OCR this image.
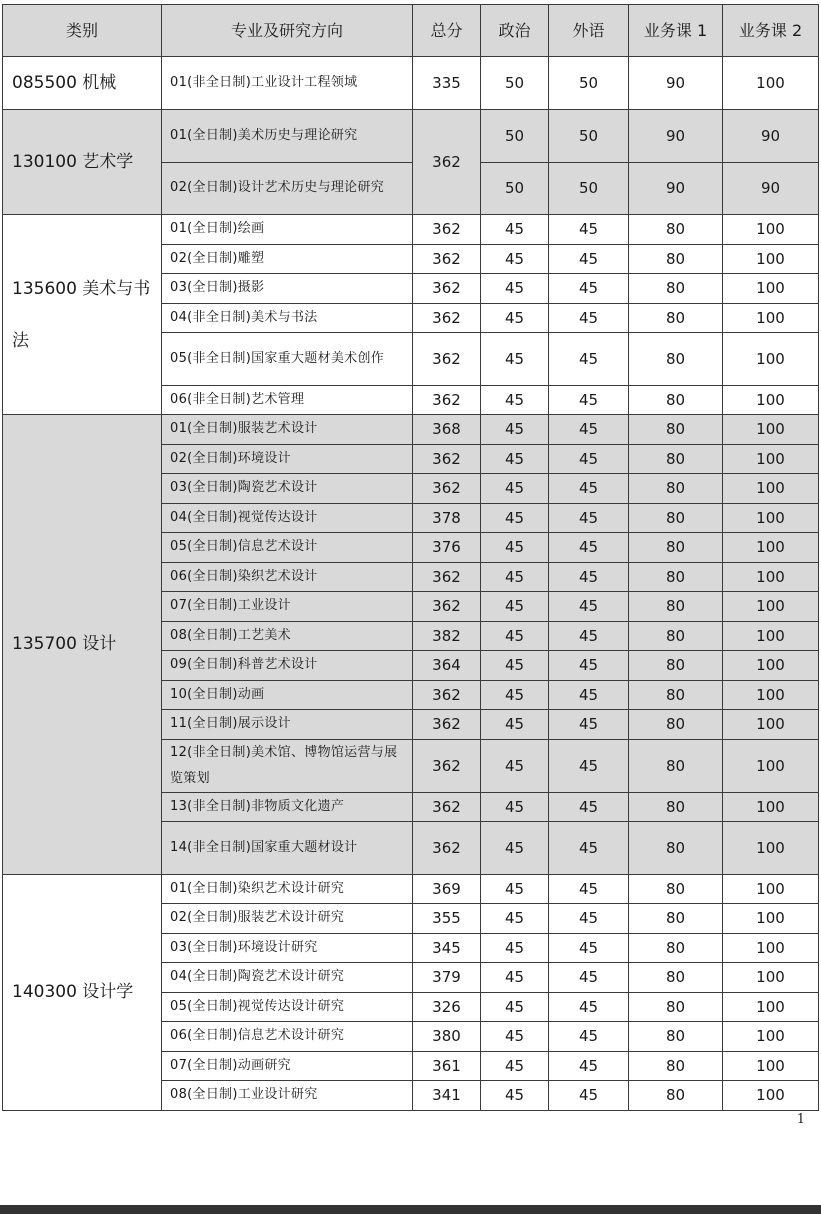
类别	专业及研究方向	总分	政治	外语	业务课 1	业务课 2
085500 机械	01(非全日制)工业设计工程领域	335	50	50	90	100
130100 艺术学	01(全日制)美术历史与理论研究	362	50	50	90	90
	02(全日制)设计艺术历史与理论研究		50	50	90	90
135600 美术与书法	01(全日制)绘画	362	45	45	80	100
	02(全日制)雕塑	362	45	45	80	100
	03(全日制)摄影	362	45	45	80	100
	04(非全日制)美术与书法	362	45	45	80	100
	05(非全日制)国家重大题材美术创作	362	45	45	80	100
	06(非全日制)艺术管理	362	45	45	80	100
135700 设计	01(全日制)服装艺术设计	368	45	45	80	100
	02(全日制)环境设计	362	45	45	80	100
	03(全日制)陶瓷艺术设计	362	45	45	80	100
	04(全日制)视觉传达设计	378	45	45	80	100
	05(全日制)信息艺术设计	376	45	45	80	100
	06(全日制)染织艺术设计	362	45	45	80	100
	07(全日制)工业设计	362	45	45	80	100
	08(全日制)工艺美术	382	45	45	80	100
	09(全日制)科普艺术设计	364	45	45	80	100
	10(全日制)动画	362	45	45	80	100
	11(全日制)展示设计	362	45	45	80	100
	12(非全日制)美术馆、博物馆运营与展览策划	362	45	45	80	100
	13(非全日制)非物质文化遗产	362	45	45	80	100
	14(非全日制)国家重大题材设计	362	45	45	80	100
140300 设计学	01(全日制)染织艺术设计研究	369	45	45	80	100
	02(全日制)服装艺术设计研究	355	45	45	80	100
	03(全日制)环境设计研究	345	45	45	80	100
	04(全日制)陶瓷艺术设计研究	379	45	45	80	100
	05(全日制)视觉传达设计研究	326	45	45	80	100
	06(全日制)信息艺术设计研究	380	45	45	80	100
	07(全日制)动画研究	361	45	45	80	100
	08(全日制)工业设计研究	341	45	45	80	100
1
